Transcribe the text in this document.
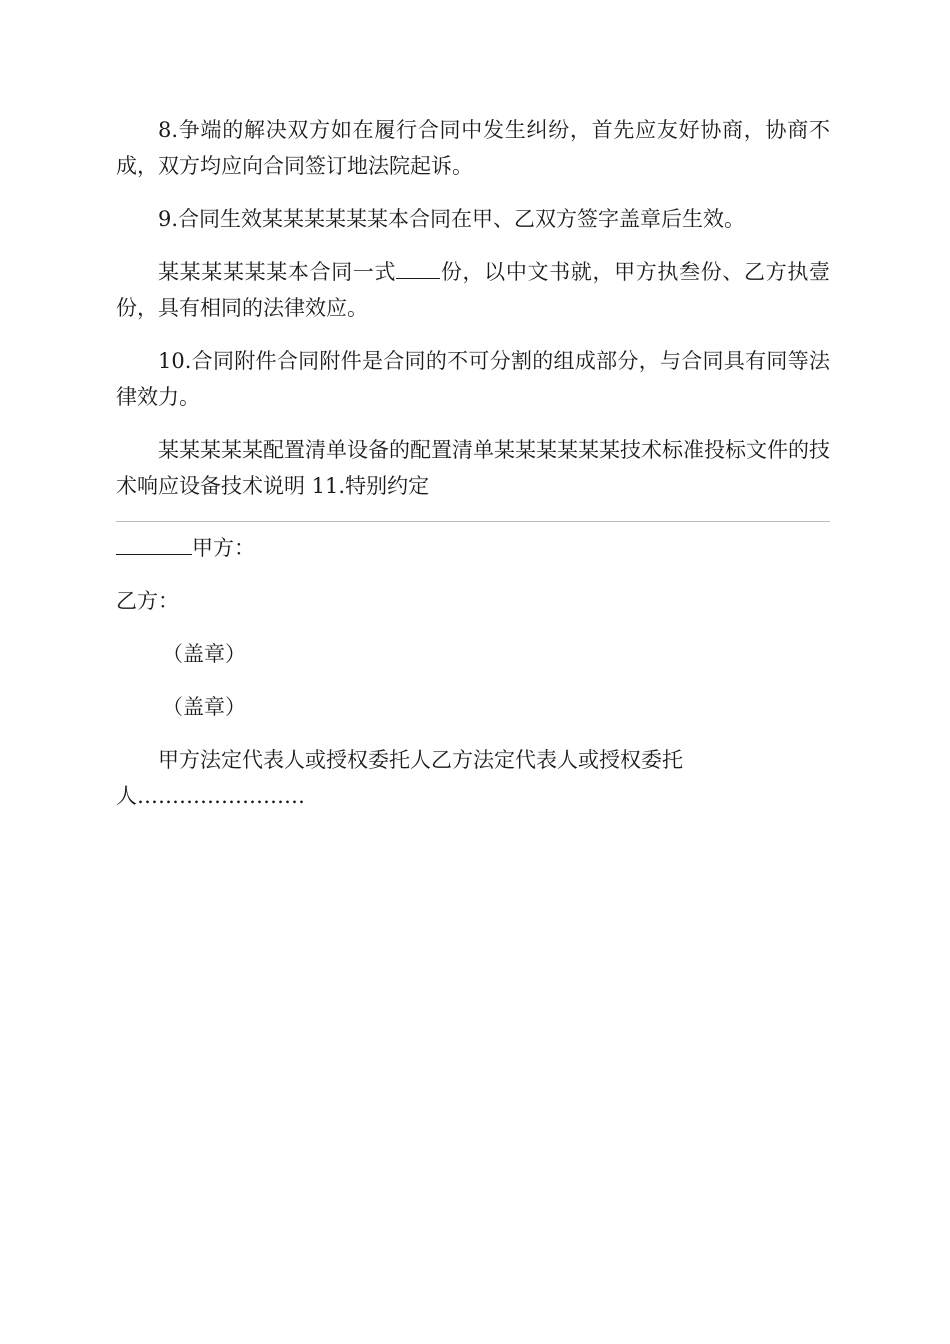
8.争端的解决双方如在履行合同中发生纠纷，首先应友好协商，协商不成，双方均应向合同签订地法院起诉。

9.合同生效某某某某某某本合同在甲、乙双方签字盖章后生效。

某某某某某某本合同一式 份，以中文书就，甲方执叁份、乙方执壹份，具有相同的法律效应。

10.合同附件合同附件是合同的不可分割的组成部分，与合同具有同等法律效力。

某某某某某配置清单设备的配置清单某某某某某某技术标准投标文件的技术响应设备技术说明 11.特别约定

甲方：

乙方：

（盖章）

（盖章）

甲方法定代表人或授权委托人乙方法定代表人或授权委托人……………………
